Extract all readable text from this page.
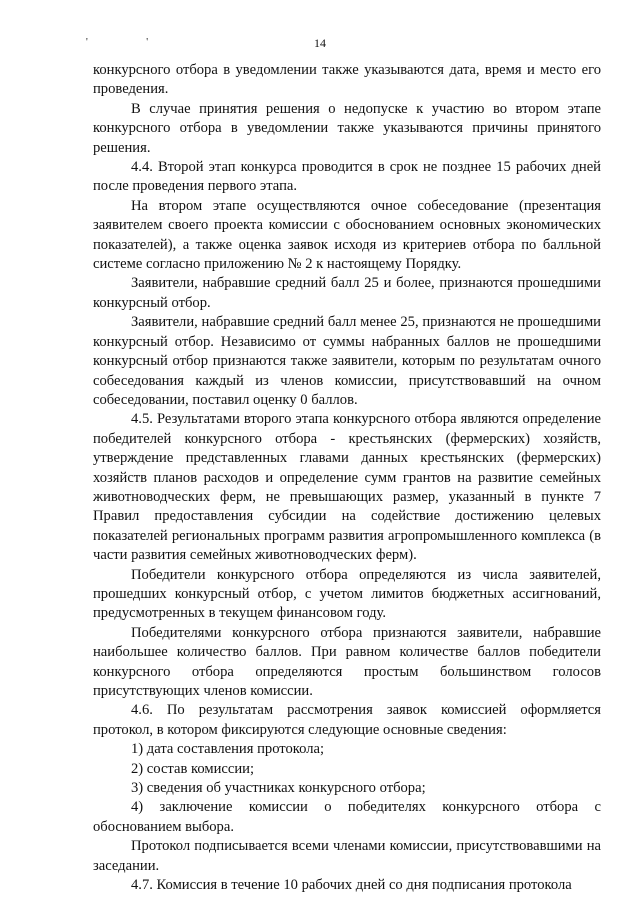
' '	14

конкурсного отбора в уведомлении также указываются дата, время и место его проведения.

В случае принятия решения о недопуске к участию во втором этапе конкурсного отбора в уведомлении также указываются причины принятого решения.

4.4. Второй этап конкурса проводится в срок не позднее 15 рабочих дней после проведения первого этапа.

На втором этапе осуществляются очное собеседование (презентация заявителем своего проекта комиссии с обоснованием основных экономических показателей), а также оценка заявок исходя из критериев отбора по балльной системе согласно приложению № 2 к настоящему Порядку.

Заявители, набравшие средний балл 25 и более, признаются прошедшими конкурсный отбор.

Заявители, набравшие средний балл менее 25, признаются не прошедшими конкурсный отбор. Независимо от суммы набранных баллов не прошедшими конкурсный отбор признаются также заявители, которым по результатам очного собеседования каждый из членов комиссии, присутствовавший на очном собеседовании, поставил оценку 0 баллов.

4.5. Результатами второго этапа конкурсного отбора являются определение победителей конкурсного отбора - крестьянских (фермерских) хозяйств, утверждение представленных главами данных крестьянских (фермерских) хозяйств планов расходов и определение сумм грантов на развитие семейных животноводческих ферм, не превышающих размер, указанный в пункте 7 Правил предоставления субсидии на содействие достижению целевых показателей региональных программ развития агропромышленного комплекса (в части развития семейных животноводческих ферм).

Победители конкурсного отбора определяются из числа заявителей, прошедших конкурсный отбор, с учетом лимитов бюджетных ассигнований, предусмотренных в текущем финансовом году.

Победителями конкурсного отбора признаются заявители, набравшие наибольшее количество баллов. При равном количестве баллов победители конкурсного отбора определяются простым большинством голосов присутствующих членов комиссии.

4.6. По результатам рассмотрения заявок комиссией оформляется протокол, в котором фиксируются следующие основные сведения:

1) дата составления протокола;

2) состав комиссии;

3) сведения об участниках конкурсного отбора;

4) заключение комиссии о победителях конкурсного отбора с обоснованием выбора.

Протокол подписывается всеми членами комиссии, присутствовавшими на заседании.

4.7. Комиссия в течение 10 рабочих дней со дня подписания протокола
